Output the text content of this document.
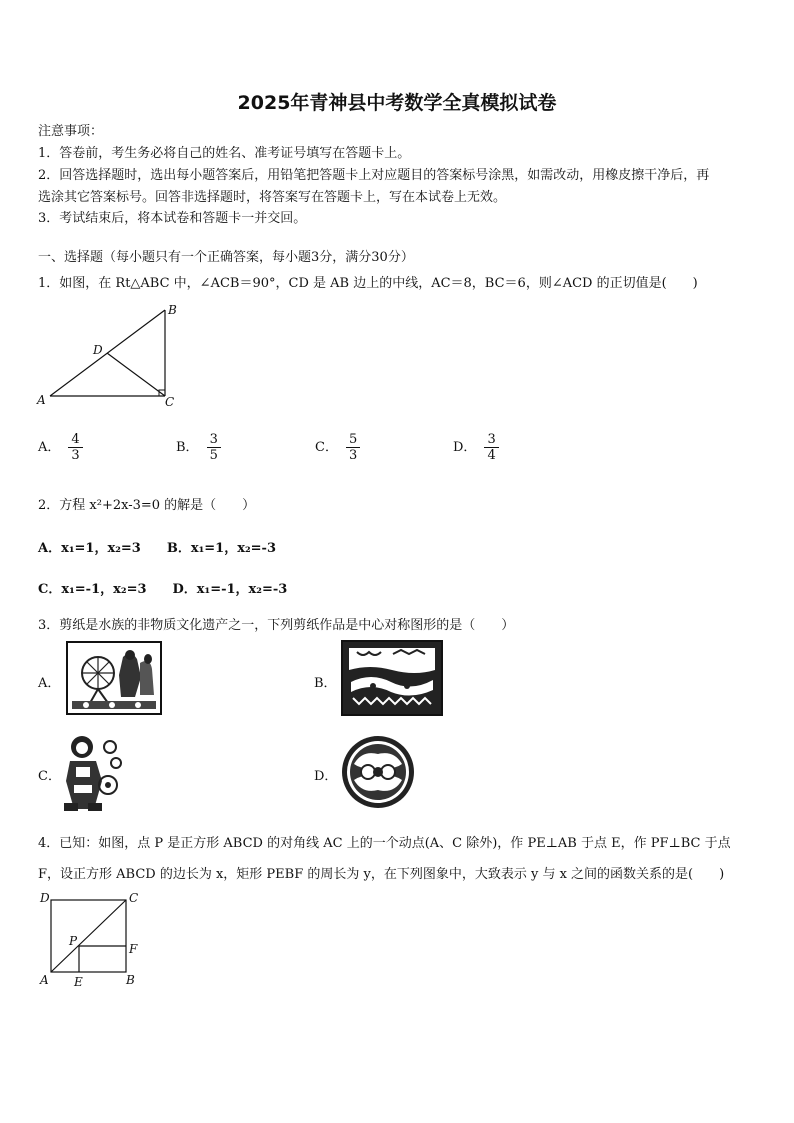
2025年青神县中考数学全真模拟试卷
注意事项：
1．答卷前，考生务必将自己的姓名、准考证号填写在答题卡上。
2．回答选择题时，选出每小题答案后，用铅笔把答题卡上对应题目的答案标号涂黑，如需改动，用橡皮擦干净后，再
选涂其它答案标号。回答非选择题时，将答案写在答题卡上，写在本试卷上无效。
3．考试结束后，将本试卷和答题卡一并交回。
一、选择题（每小题只有一个正确答案，每小题3分，满分30分）
1．如图，在 Rt△ABC 中，∠ACB＝90°，CD 是 AB 边上的中线，AC＝8，BC＝6，则∠ACD 的正切值是(　　)
A
B
C
D
A． $\frac{4}{3}$	B． $\frac{3}{5}$	C． $\frac{5}{3}$	D． $\frac{3}{4}$
2．方程 x²+2x-3=0 的解是（　　）
A．x₁=1，x₂=3　　B．x₁=1，x₂=-3
C．x₁=-1，x₂=3　　D．x₁=-1，x₂=-3
3．剪纸是水族的非物质文化遗产之一，下列剪纸作品是中心对称图形的是（　　）
A．	B．
C．	D．
4．已知：如图，点 P 是正方形 ABCD 的对角线 AC 上的一个动点(A、C 除外)，作 PE⊥AB 于点 E，作 PF⊥BC 于点
F，设正方形 ABCD 的边长为 x，矩形 PEBF 的周长为 y，在下列图象中，大致表示 y 与 x 之间的函数关系的是(　　)
D	C
A	B
E
F
P
